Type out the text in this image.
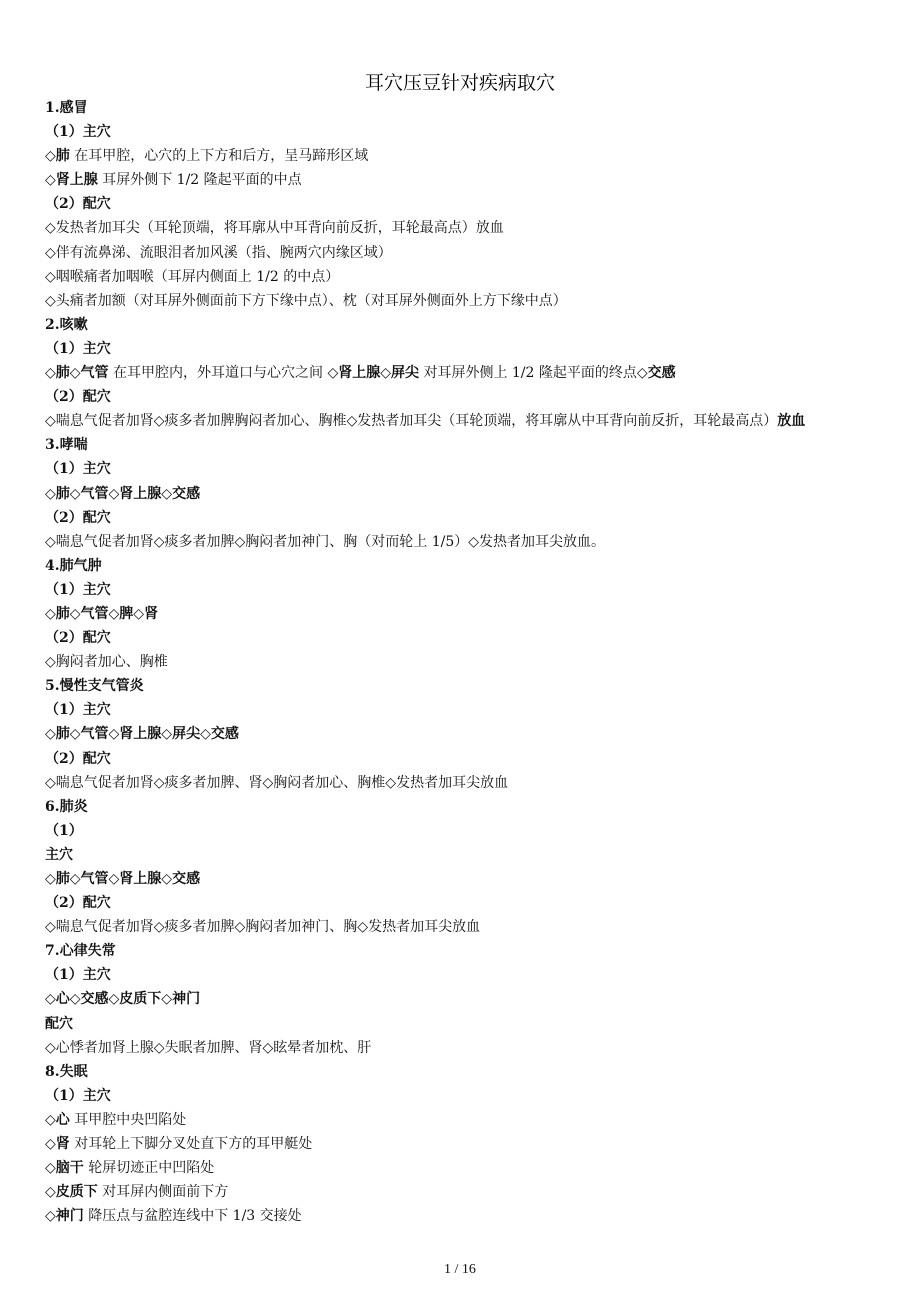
耳穴压豆针对疾病取穴
1.感冒
（1）主穴
◇肺 在耳甲腔，心穴的上下方和后方，呈马蹄形区域
◇肾上腺 耳屏外侧下 1/2 隆起平面的中点
（2）配穴
◇发热者加耳尖（耳轮顶端，将耳廓从中耳背向前反折，耳轮最高点）放血
◇伴有流鼻涕、流眼泪者加风溪（指、腕两穴内缘区域）
◇咽喉痛者加咽喉（耳屏内侧面上 1/2 的中点）
◇头痛者加额（对耳屏外侧面前下方下缘中点）、枕（对耳屏外侧面外上方下缘中点）
2.咳嗽
（1）主穴
◇肺◇气管 在耳甲腔内，外耳道口与心穴之间 ◇肾上腺◇屏尖 对耳屏外侧上 1/2 隆起平面的终点◇交感
（2）配穴
◇喘息气促者加肾◇痰多者加脾胸闷者加心、胸椎◇发热者加耳尖（耳轮顶端，将耳廓从中耳背向前反折，耳轮最高点）放血
3.哮喘
（1）主穴
◇肺◇气管◇肾上腺◇交感
（2）配穴
◇喘息气促者加肾◇痰多者加脾◇胸闷者加神门、胸（对而轮上 1/5）◇发热者加耳尖放血。
4.肺气肿
（1）主穴
◇肺◇气管◇脾◇肾
（2）配穴
◇胸闷者加心、胸椎
5.慢性支气管炎
（1）主穴
◇肺◇气管◇肾上腺◇屏尖◇交感
（2）配穴
◇喘息气促者加肾◇痰多者加脾、肾◇胸闷者加心、胸椎◇发热者加耳尖放血
6.肺炎
（1）
主穴
◇肺◇气管◇肾上腺◇交感
（2）配穴
◇喘息气促者加肾◇痰多者加脾◇胸闷者加神门、胸◇发热者加耳尖放血
7.心律失常
（1）主穴
◇心◇交感◇皮质下◇神门
配穴
◇心悸者加肾上腺◇失眠者加脾、肾◇眩晕者加枕、肝
8.失眠
（1）主穴
◇心 耳甲腔中央凹陷处
◇肾 对耳轮上下脚分叉处直下方的耳甲艇处
◇脑干 轮屏切迹正中凹陷处
◇皮质下 对耳屏内侧面前下方
◇神门 降压点与盆腔连线中下 1/3 交接处
1 / 16
